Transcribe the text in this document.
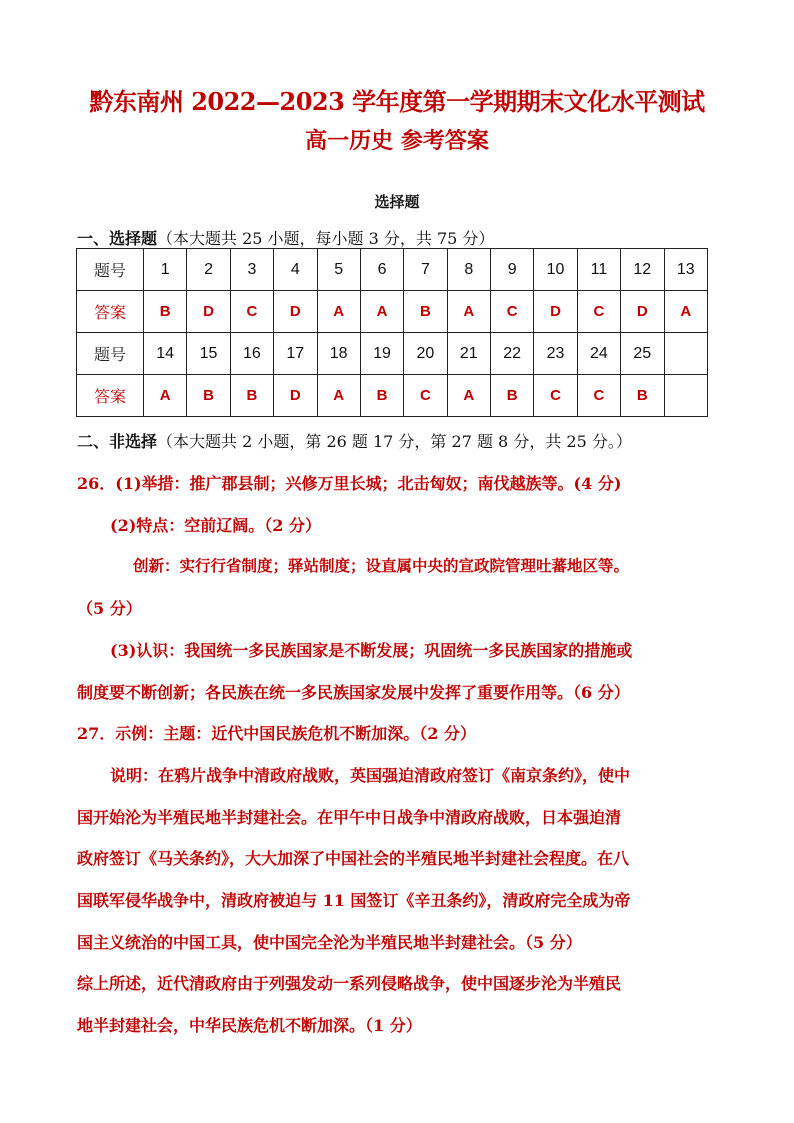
黔东南州 2022—2023 学年度第一学期期末文化水平测试
高一历史 参考答案
选择题
一、选择题（本大题共 25 小题，每小题 3 分，共 75 分）
题号	1	2	3	4	5	6	7	8	9	10	11	12	13
答案	B	D	C	D	A	A	B	A	C	D	C	D	A
题号	14	15	16	17	18	19	20	21	22	23	24	25	
答案	A	B	B	D	A	B	C	A	B	C	C	B	
二、非选择（本大题共 2 小题，第 26 题 17 分，第 27 题 8 分，共 25 分。）
26．(1)举措：推广郡县制；兴修万里长城；北击匈奴；南伐越族等。(4 分)
(2)特点：空前辽阔。（2 分）
创新：实行行省制度；驿站制度；设直属中央的宣政院管理吐蕃地区等。
（5 分）
(3)认识：我国统一多民族国家是不断发展；巩固统一多民族国家的措施或
制度要不断创新；各民族在统一多民族国家发展中发挥了重要作用等。（6 分）
27．示例：主题：近代中国民族危机不断加深。（2 分）
说明：在鸦片战争中清政府战败，英国强迫清政府签订《南京条约》，使中
国开始沦为半殖民地半封建社会。在甲午中日战争中清政府战败，日本强迫清
政府签订《马关条约》，大大加深了中国社会的半殖民地半封建社会程度。在八
国联军侵华战争中，清政府被迫与 11 国签订《辛丑条约》，清政府完全成为帝
国主义统治的中国工具，使中国完全沦为半殖民地半封建社会。（5 分）
综上所述，近代清政府由于列强发动一系列侵略战争，使中国逐步沦为半殖民
地半封建社会，中华民族危机不断加深。（1 分）
